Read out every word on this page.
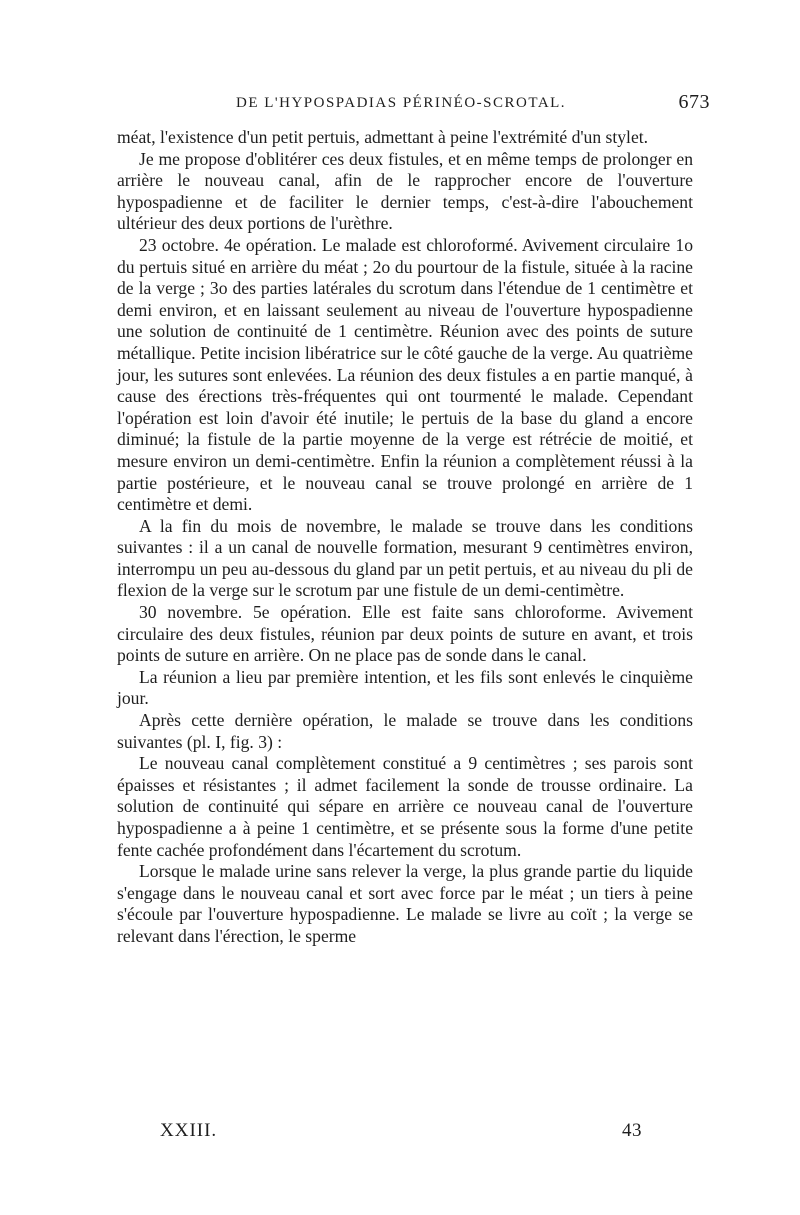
DE L'HYPOSPADIAS PÉRINÉO-SCROTAL.	673

méat, l'existence d'un petit pertuis, admettant à peine l'extrémité d'un stylet.

Je me propose d'oblitérer ces deux fistules, et en même temps de prolonger en arrière le nouveau canal, afin de le rapprocher encore de l'ouverture hypospadienne et de faciliter le dernier temps, c'est-à-dire l'abouchement ultérieur des deux portions de l'urèthre.

23 octobre. 4e opération. Le malade est chloroformé. Avivement circulaire 1o du pertuis situé en arrière du méat ; 2o du pourtour de la fistule, située à la racine de la verge ; 3o des parties latérales du scrotum dans l'étendue de 1 centimètre et demi environ, et en laissant seulement au niveau de l'ouverture hypospadienne une solution de continuité de 1 centimètre. Réunion avec des points de suture métallique. Petite incision libératrice sur le côté gauche de la verge. Au quatrième jour, les sutures sont enlevées. La réunion des deux fistules a en partie manqué, à cause des érections très-fréquentes qui ont tourmenté le malade. Cependant l'opération est loin d'avoir été inutile; le pertuis de la base du gland a encore diminué; la fistule de la partie moyenne de la verge est rétrécie de moitié, et mesure environ un demi-centimètre. Enfin la réunion a complètement réussi à la partie postérieure, et le nouveau canal se trouve prolongé en arrière de 1 centimètre et demi.

A la fin du mois de novembre, le malade se trouve dans les conditions suivantes : il a un canal de nouvelle formation, mesurant 9 centimètres environ, interrompu un peu au-dessous du gland par un petit pertuis, et au niveau du pli de flexion de la verge sur le scrotum par une fistule de un demi-centimètre.

30 novembre. 5e opération. Elle est faite sans chloroforme. Avivement circulaire des deux fistules, réunion par deux points de suture en avant, et trois points de suture en arrière. On ne place pas de sonde dans le canal.

La réunion a lieu par première intention, et les fils sont enlevés le cinquième jour.

Après cette dernière opération, le malade se trouve dans les conditions suivantes (pl. I, fig. 3) :

Le nouveau canal complètement constitué a 9 centimètres ; ses parois sont épaisses et résistantes ; il admet facilement la sonde de trousse ordinaire. La solution de continuité qui sépare en arrière ce nouveau canal de l'ouverture hypospadienne a à peine 1 centimètre, et se présente sous la forme d'une petite fente cachée profondément dans l'écartement du scrotum.

Lorsque le malade urine sans relever la verge, la plus grande partie du liquide s'engage dans le nouveau canal et sort avec force par le méat ; un tiers à peine s'écoule par l'ouverture hypospadienne. Le malade se livre au coït ; la verge se relevant dans l'érection, le sperme

XXIII.	43
